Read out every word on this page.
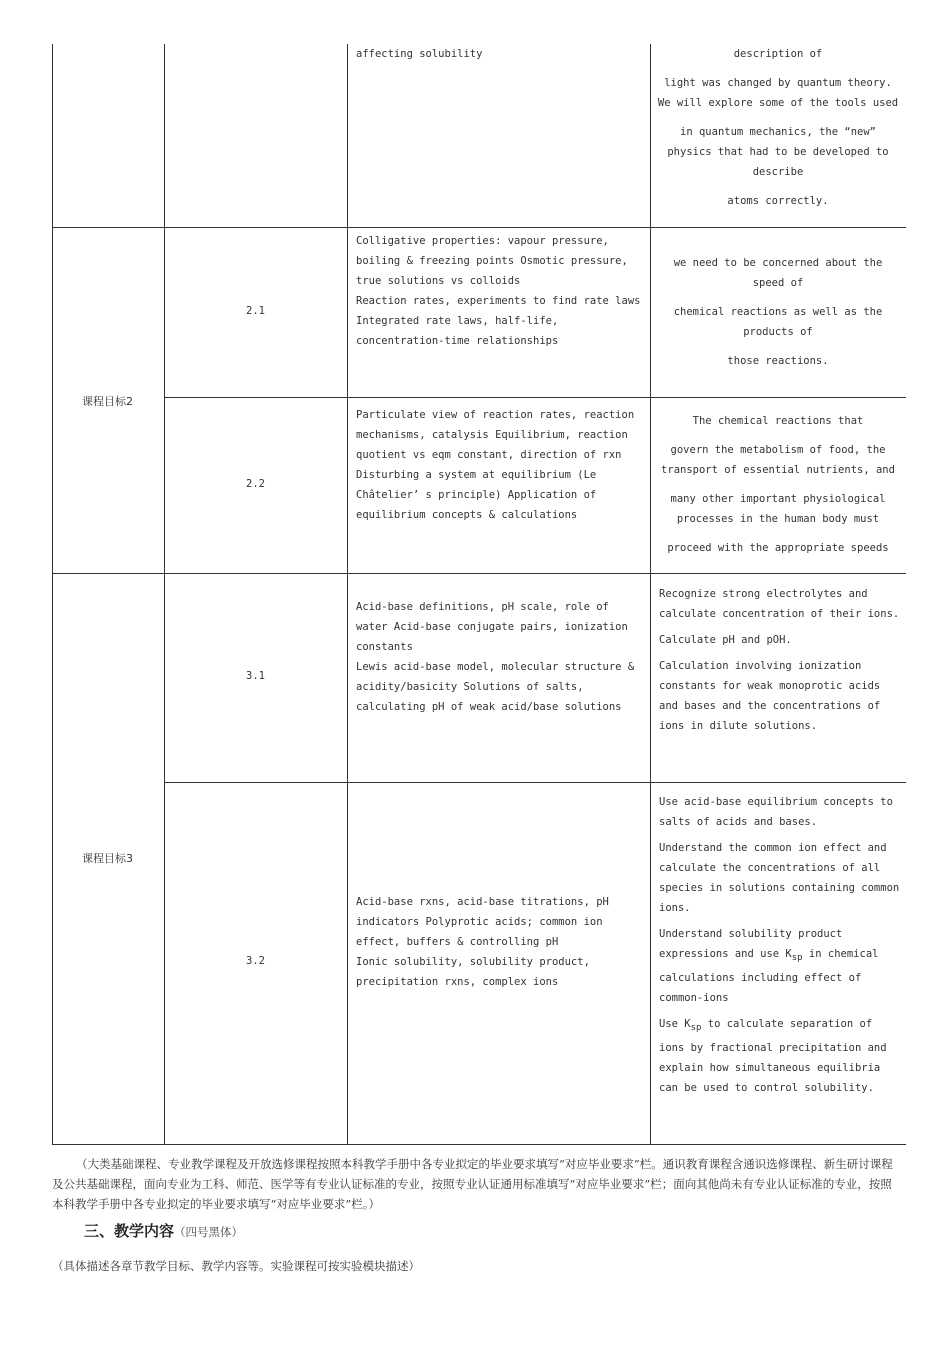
affecting solubility	description of

light was changed by quantum theory. We will explore some of the tools used

in quantum mechanics, the “new” physics that had to be developed to describe

atoms correctly.

课程目标2
2.1
Colligative properties: vapour pressure, boiling & freezing points Osmotic pressure, true solutions vs colloids
Reaction rates, experiments to find rate laws Integrated rate laws, half-life, concentration-time relationships

we need to be concerned about the speed of

chemical reactions as well as the products of

those reactions.

2.2
Particulate view of reaction rates, reaction mechanisms, catalysis Equilibrium, reaction quotient vs eqm constant, direction of rxn Disturbing a system at equilibrium (Le Châtelier’ s principle) Application of equilibrium concepts & calculations

The chemical reactions that

govern the metabolism of food, the transport of essential nutrients, and

many other important physiological processes in the human body must

proceed with the appropriate speeds

课程目标3
3.1
Acid-base definitions, pH scale, role of water Acid-base conjugate pairs, ionization constants
Lewis acid-base model, molecular structure & acidity/basicity Solutions of salts, calculating pH of weak acid/base solutions

Recognize strong electrolytes and calculate concentration of their ions.

Calculate pH and pOH.

Calculation involving ionization constants for weak monoprotic acids and bases and the concentrations of ions in dilute solutions.

3.2
Acid-base rxns, acid-base titrations, pH indicators Polyprotic acids; common ion effect, buffers & controlling pH
Ionic solubility, solubility product, precipitation rxns, complex ions

Use acid-base equilibrium concepts to salts of acids and bases.

Understand the common ion effect and calculate the concentrations of all species in solutions containing common ions.

Understand solubility product expressions and use $K_{sp}$ in chemical calculations including effect of common-ions

Use $K_{sp}$ to calculate separation of ions by fractional precipitation and explain how simultaneous equilibria can be used to control solubility.

（大类基础课程、专业教学课程及开放选修课程按照本科教学手册中各专业拟定的毕业要求填写“对应毕业要求”栏。通识教育课程含通识选修课程、新生研讨课程及公共基础课程，面向专业为工科、师范、医学等有专业认证标准的专业，按照专业认证通用标准填写“对应毕业要求”栏；面向其他尚未有专业认证标准的专业，按照本科教学手册中各专业拟定的毕业要求填写“对应毕业要求”栏。）
三、教学内容（四号黑体）
（具体描述各章节教学目标、教学内容等。实验课程可按实验模块描述）
